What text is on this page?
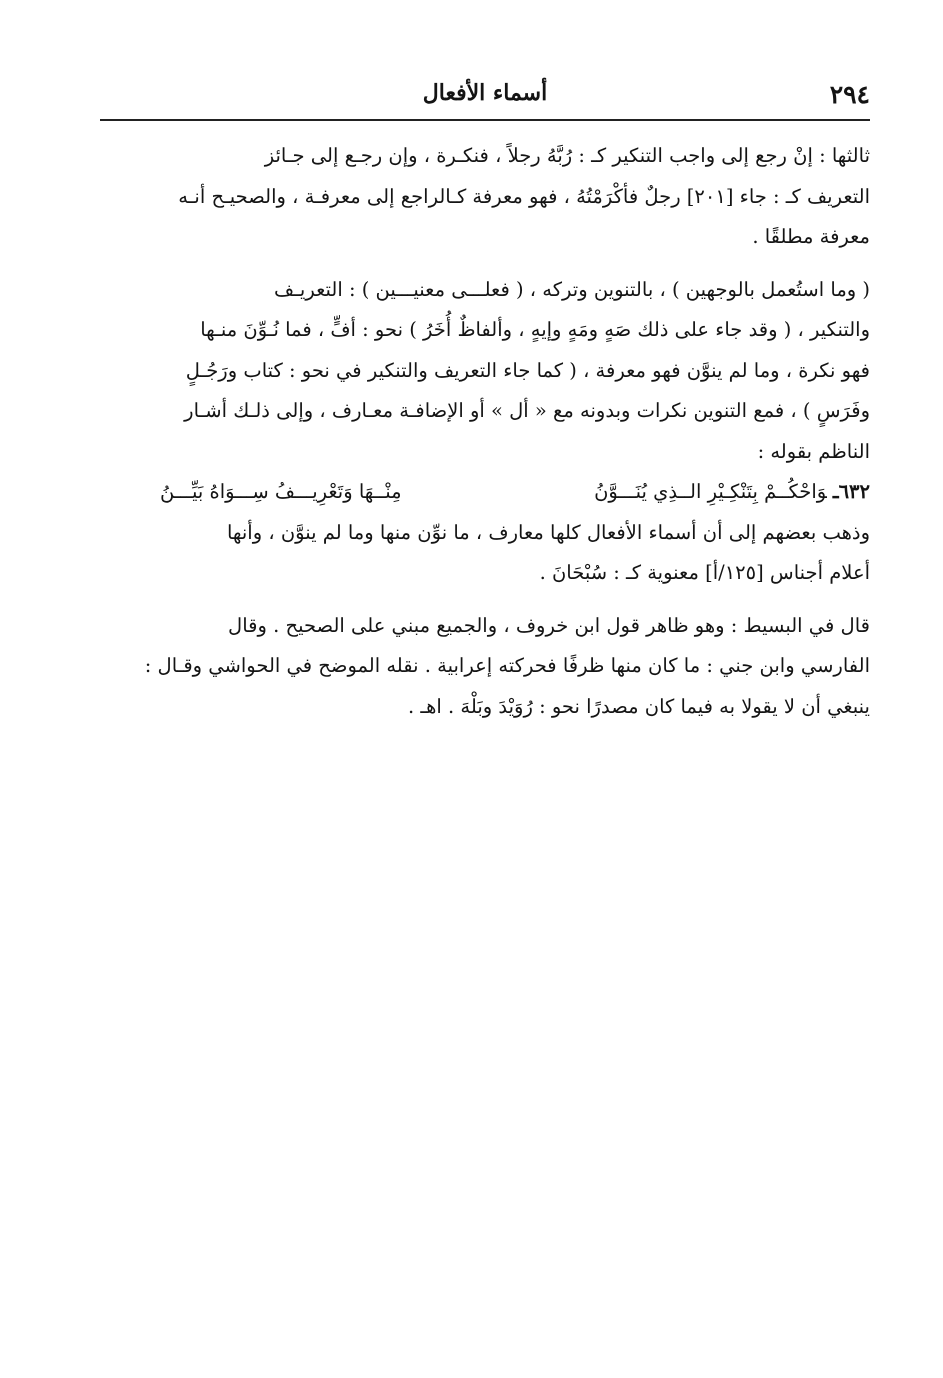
٢٩٤
أسماء الأفعال

ثالثها : إنْ رجع إلى واجب التنكير كـ : رُبَّهُ رجلاً ، فنكـرة ، وإن رجـع إلى جـائز
التعريف كـ : جاء [٢٠١] رجلٌ فأكْرَمْتُهُ ، فهو معرفة كـالراجع إلى معرفـة ، والصحيـح أنـه
معرفة مطلقًا .

( وما استُعمل بالوجهين ) ، بالتنوين وتركه ، ( فعلـــى معنيـــين ) : التعريـف
والتنكير ، ( وقد جاء على ذلك صَهٍ ومَهٍ وإيهٍ ، وألفاظٌ أُخَرُ ) نحو : أفٍّ ، فما نُـوِّنَ منـها
فهو نكرة ، وما لم ينوَّن فهو معرفة ، ( كما جاء التعريف والتنكير في نحو : كتاب ورَجُـلٍ
وفَرَسٍ ) ، فمع التنوين نكرات وبدونه مع « أل » أو الإضافـة معـارف ، وإلى ذلـك أشـار
الناظم بقوله :

٦٣٢ـوَاحْكُــمْ بِتَنْكِـيْرِ الــذِي يُنَـــوَّنُ
مِنْــهَا وَتَعْرِيـــفُ سِـــوَاهُ بَيِّـــنُ

وذهب بعضهم إلى أن أسماء الأفعال كلها معارف ، ما نوِّن منها وما لم ينوَّن ، وأنها
أعلام أجناس [١٢٥/أ] معنوية كـ : سُبْحَانَ .

قال في البسيط : وهو ظاهر قول ابن خروف ، والجميع مبني على الصحيح . وقال
الفارسي وابن جني : ما كان منها ظرفًا فحركته إعرابية . نقله الموضح في الحواشي وقـال :
ينبغي أن لا يقولا به فيما كان مصدرًا نحو : رُوَيْدَ وبَلْهَ . اهـ .
